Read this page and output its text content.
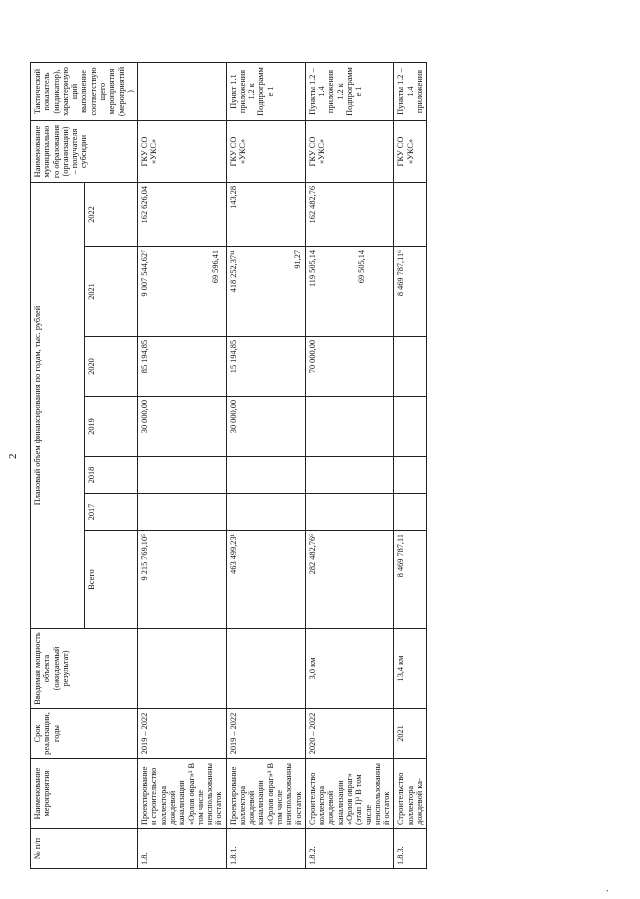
2
№ п/п	Наименование мероприятия	Срок реализации, годы	Вводимая мощность объекта (ожидаемый результат)	Плановый объем финансирования по годам, тыс. рублей							Наименование муниципального образования (организации) – получателя субсидии	Тактический показатель (индикатор), характеризующий выполнение соответствующего мероприятия (мероприятий)
				Всего	2017	2018	2019	2020	2021	2022		
1.8.	Проектирование и строительство коллектора дождевой канализации «Орлов овраг»³ В том числе неиспользованный остаток	2019 – 2022		9 215 769,10⁵			30 000,00	85 194,85	9 007 544,62⁷ 69 596,41	162 626,04	ГКУ СО «УКС»	
1.8.1.	Проектирование коллектора дождевой канализации «Орлов овраг»³ В том числе неиспользованный остаток	2019 – 2022		463 499,23¹			30 000,00	15 194,85	418 252,37¹¹ 91,27	143,28	ГКУ СО «УКС»	Пункт 1.1 приложения 1.2 к Подпрограмме 1
1.8.2.	Строительство коллектора дождевой канализации «Орлов овраг» (этап I)³ В том числе неиспользованный остаток	2020 – 2022	3,0 км	282 482,76⁶				70 000,00	119 505,14 69 505,14	162 482,76	ГКУ СО «УКС»	Пункты 1.2 – 1.4 приложения 1.2 к Подпрограмме 1
1.8.3.	Строительство коллектора дождевой ка-	2021	13,4 км	8 469 787,11					8 469 787,11⁶		ГКУ СО «УКС»	Пункты 1.2 – 1.4 приложения
.
